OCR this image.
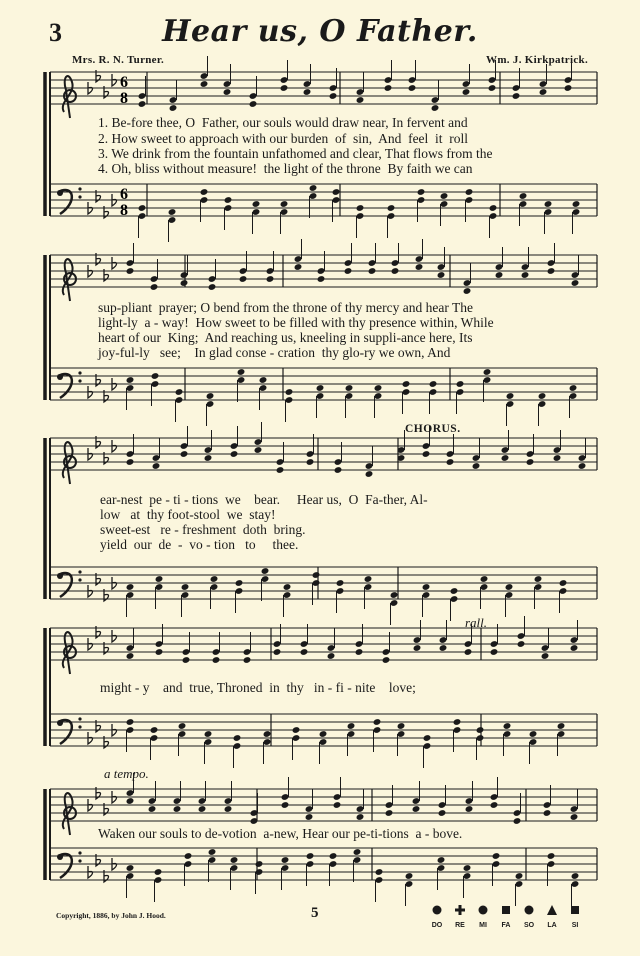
3	Hear us, O Father.
Mrs. R. N. Turner.	Wm. J. Kirkpatrick.
6
8
6
8
CHORUS.
rall.
a tempo.
1. Be-fore thee, O  Father, our souls would draw near, In fervent and
2. How sweet to approach with our burden  of  sin,  And  feel  it  roll
3. We drink from the fountain unfathomed and clear, That flows from the
4. Oh, bliss without measure!  the light of the throne  By faith we can
sup-pliant  prayer; O bend from the throne of thy mercy and hear The
light-ly  a - way!  How sweet to be filled with thy presence within, While
heart of our  King;  And reaching us, kneeling in suppli-ance here, Its
joy-ful-ly   see;    In glad conse - cration  thy glo-ry we own, And
ear-nest  pe - ti - tions  we    bear.     Hear us,  O  Fa-ther, Al-
low   at  thy foot-stool  we  stay!
sweet-est   re - freshment  doth  bring.
yield  our  de  -  vo - tion   to     thee.
might - y    and  true, Throned  in  thy   in - fi - nite    love;
Waken our souls to de-votion  a-new, Hear our pe-ti-tions  a - bove.
Copyright, 1886, by John J. Hood.	5
DO RE MI FA SO LA SI
